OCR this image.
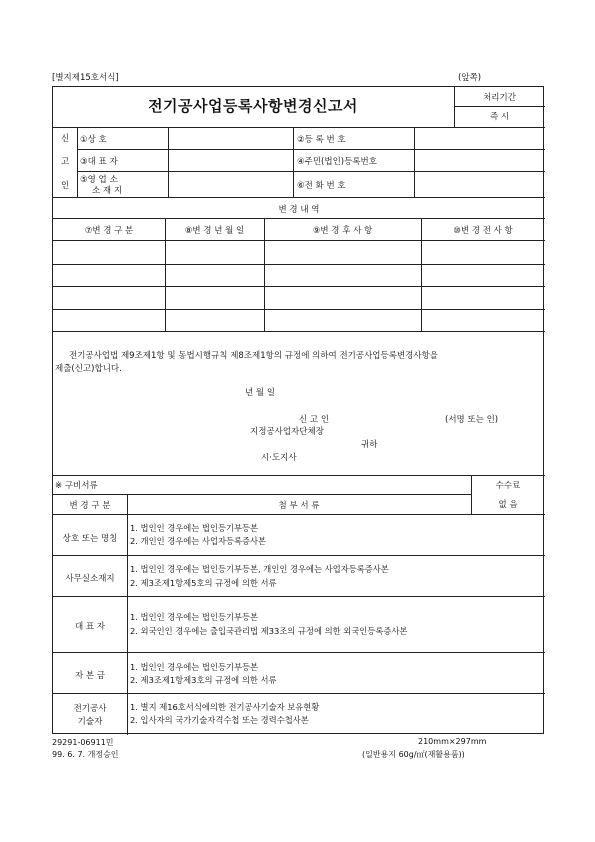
[별지제15호서식]	(앞쪽)
전기공사업등록사항변경신고서	처리기간
즉 시
신
고
인
①상 호	②등 록 번 호
③대 표 자	④주민(법인)등록번호
⑤영 업 소
소 재 지	⑥전 화 번 호
변 경 내 역
⑦변 경 구 분	⑧변 경 년 월 일	⑨변 경 후 사 항	⑩변 경 전 사 항
전기공사업법 제9조제1항 및 동법시행규칙 제8조제1항의 규정에 의하여 전기공사업등록변경사항을
제출(신고)합니다.
년 월 일
신 고 인	(서명 또는 인)
지정공사업자단체장
귀하
시·도지사
※ 구비서류	수수료
없 음
변 경 구 분	첨 부 서 류
상호 또는 명칭
1. 법인인 경우에는 법인등기부등본
2. 개인인 경우에는 사업자등록증사본
사무실소재지
1. 법인인 경우에는 법인등기부등본, 개인인 경우에는 사업자등록증사본
2. 제3조제1항제5호의 규정에 의한 서류
대 표 자
1. 법인인 경우에는 법인등기부등본
2. 외국인인 경우에는 출입국관리법 제33조의 규정에 의한 외국인등록증사본
자 본 금
1. 법인인 경우에는 법인등기부등본
2. 제3조제1항제3호의 규정에 의한 서류
전기공사
기술자
1. 별지 제16호서식에의한 전기공사기술자 보유현황
2. 입사자의 국가기술자격수첩 또는 경력수첩사본
29291-06911민
99. 6. 7. 개정승인
210mm×297mm
(일반용지 60g/㎡(재활용품))
